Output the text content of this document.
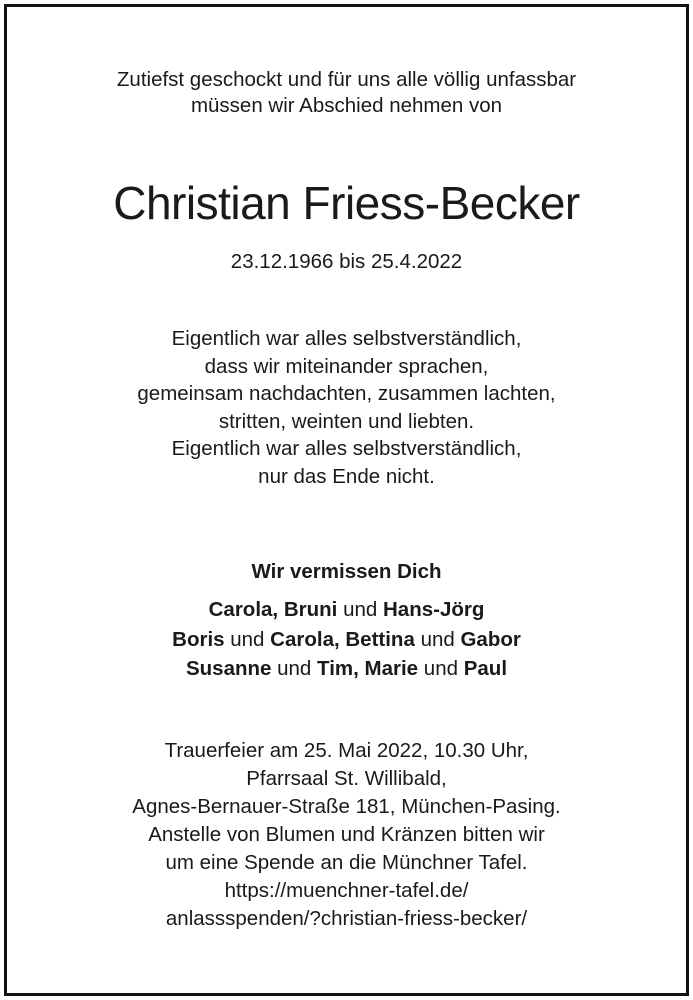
Zutiefst geschockt und für uns alle völlig unfassbar
müssen wir Abschied nehmen von
Christian Friess-Becker
23.12.1966 bis 25.4.2022
Eigentlich war alles selbstverständlich,
dass wir miteinander sprachen,
gemeinsam nachdachten, zusammen lachten,
stritten, weinten und liebten.
Eigentlich war alles selbstverständlich,
nur das Ende nicht.
Wir vermissen Dich
Carola, Bruni und Hans-Jörg
Boris und Carola, Bettina und Gabor
Susanne und Tim, Marie und Paul
Trauerfeier am 25. Mai 2022, 10.30 Uhr,
Pfarrsaal St. Willibald,
Agnes-Bernauer-Straße 181, München-Pasing.
Anstelle von Blumen und Kränzen bitten wir
um eine Spende an die Münchner Tafel.
https://muenchner-tafel.de/
anlassspenden/?christian-friess-becker/
